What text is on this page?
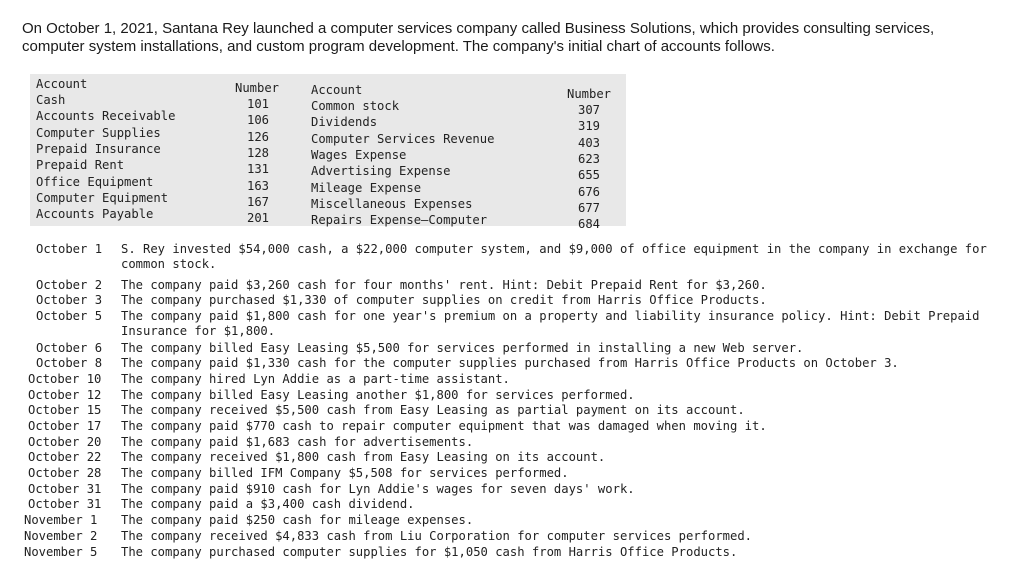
On October 1, 2021, Santana Rey launched a computer services company called Business Solutions, which provides consulting services, computer system installations, and custom program development. The company's initial chart of accounts follows.

Account	Number	Account	Number
Cash	101
Accounts Receivable	106
Computer Supplies	126
Prepaid Insurance	128
Prepaid Rent	131
Office Equipment	163
Computer Equipment	167
Accounts Payable	201
Common stock	307
Dividends	319
Computer Services Revenue	403
Wages Expense	623
Advertising Expense	655
Mileage Expense	676
Miscellaneous Expenses	677
Repairs Expense—Computer	684
October 1 S. Rey invested $54,000 cash, a $22,000 computer system, and $9,000 of office equipment in the company in exchange for common stock.
October 2 The company paid $3,260 cash for four months' rent. Hint: Debit Prepaid Rent for $3,260.
October 3 The company purchased $1,330 of computer supplies on credit from Harris Office Products.
October 5 The company paid $1,800 cash for one year's premium on a property and liability insurance policy. Hint: Debit Prepaid Insurance for $1,800.
October 6 The company billed Easy Leasing $5,500 for services performed in installing a new Web server.
October 8 The company paid $1,330 cash for the computer supplies purchased from Harris Office Products on October 3.
October 10 The company hired Lyn Addie as a part-time assistant.
October 12 The company billed Easy Leasing another $1,800 for services performed.
October 15 The company received $5,500 cash from Easy Leasing as partial payment on its account.
October 17 The company paid $770 cash to repair computer equipment that was damaged when moving it.
October 20 The company paid $1,683 cash for advertisements.
October 22 The company received $1,800 cash from Easy Leasing on its account.
October 28 The company billed IFM Company $5,508 for services performed.
October 31 The company paid $910 cash for Lyn Addie's wages for seven days' work.
October 31 The company paid a $3,400 cash dividend.
November 1 The company paid $250 cash for mileage expenses.
November 2 The company received $4,833 cash from Liu Corporation for computer services performed.
November 5 The company purchased computer supplies for $1,050 cash from Harris Office Products.
